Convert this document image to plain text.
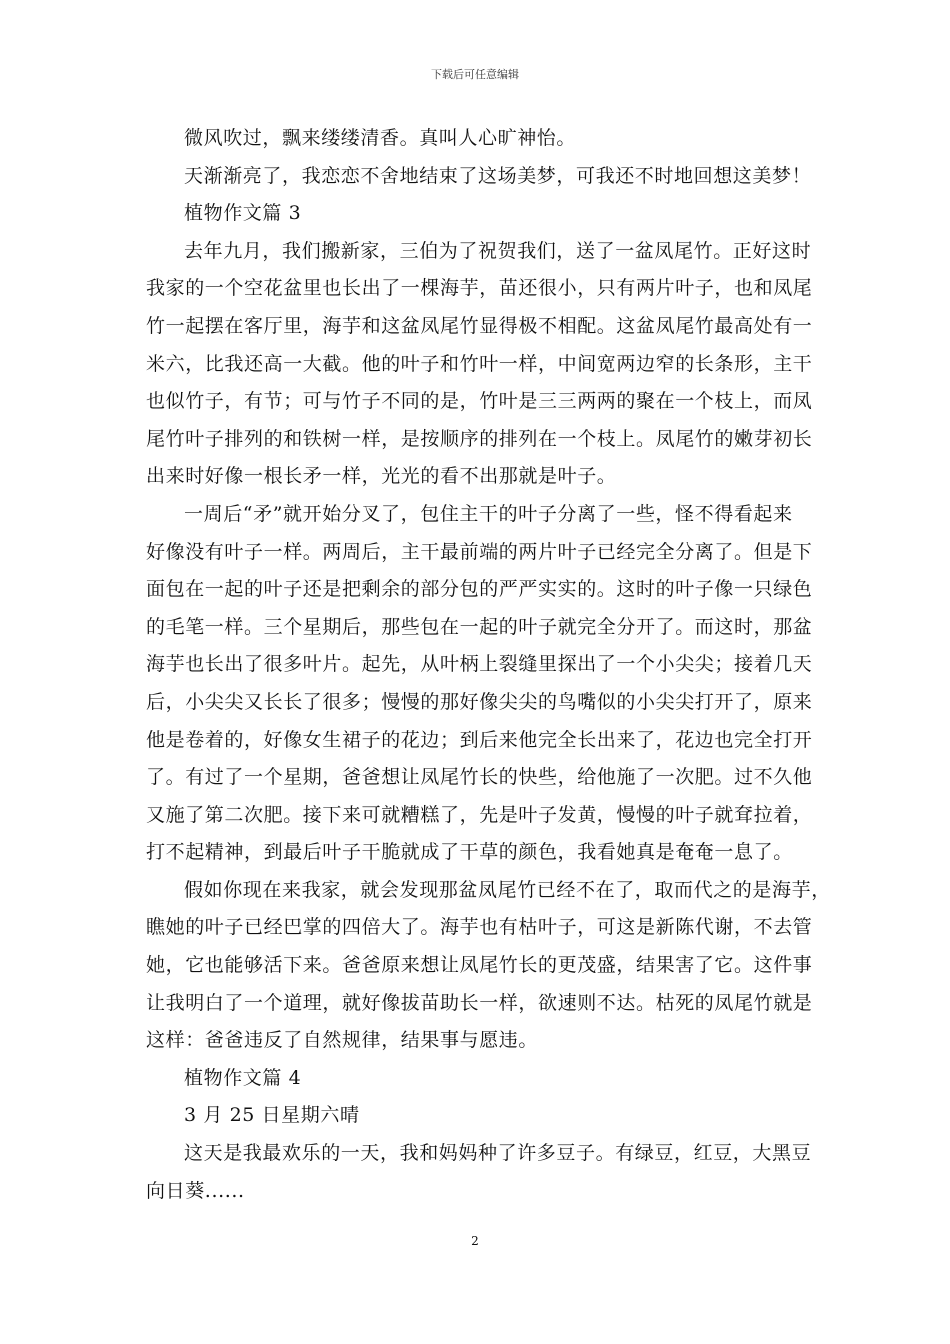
下载后可任意编辑
微风吹过，飘来缕缕清香。真叫人心旷神怡。
天渐渐亮了，我恋恋不舍地结束了这场美梦，可我还不时地回想这美梦！
植物作文篇 3
去年九月，我们搬新家，三伯为了祝贺我们，送了一盆凤尾竹。正好这时
我家的一个空花盆里也长出了一棵海芋，苗还很小，只有两片叶子，也和凤尾
竹一起摆在客厅里，海芋和这盆凤尾竹显得极不相配。这盆凤尾竹最高处有一
米六，比我还高一大截。他的叶子和竹叶一样，中间宽两边窄的长条形，主干
也似竹子，有节；可与竹子不同的是，竹叶是三三两两的聚在一个枝上，而凤
尾竹叶子排列的和铁树一样，是按顺序的排列在一个枝上。凤尾竹的嫩芽初长
出来时好像一根长矛一样，光光的看不出那就是叶子。
一周后“矛”就开始分叉了，包住主干的叶子分离了一些，怪不得看起来
好像没有叶子一样。两周后，主干最前端的两片叶子已经完全分离了。但是下
面包在一起的叶子还是把剩余的部分包的严严实实的。这时的叶子像一只绿色
的毛笔一样。三个星期后，那些包在一起的叶子就完全分开了。而这时，那盆
海芋也长出了很多叶片。起先，从叶柄上裂缝里探出了一个小尖尖；接着几天
后，小尖尖又长长了很多；慢慢的那好像尖尖的鸟嘴似的小尖尖打开了，原来
他是卷着的，好像女生裙子的花边；到后来他完全长出来了，花边也完全打开
了。有过了一个星期，爸爸想让凤尾竹长的快些，给他施了一次肥。过不久他
又施了第二次肥。接下来可就糟糕了，先是叶子发黄，慢慢的叶子就耷拉着，
打不起精神，到最后叶子干脆就成了干草的颜色，我看她真是奄奄一息了。
假如你现在来我家，就会发现那盆凤尾竹已经不在了，取而代之的是海芋，
瞧她的叶子已经巴掌的四倍大了。海芋也有枯叶子，可这是新陈代谢，不去管
她，它也能够活下来。爸爸原来想让凤尾竹长的更茂盛，结果害了它。这件事
让我明白了一个道理，就好像拔苗助长一样，欲速则不达。枯死的凤尾竹就是
这样：爸爸违反了自然规律，结果事与愿违。
植物作文篇 4
3 月 25 日星期六晴
这天是我最欢乐的一天，我和妈妈种了许多豆子。有绿豆，红豆，大黑豆
向日葵......
2
